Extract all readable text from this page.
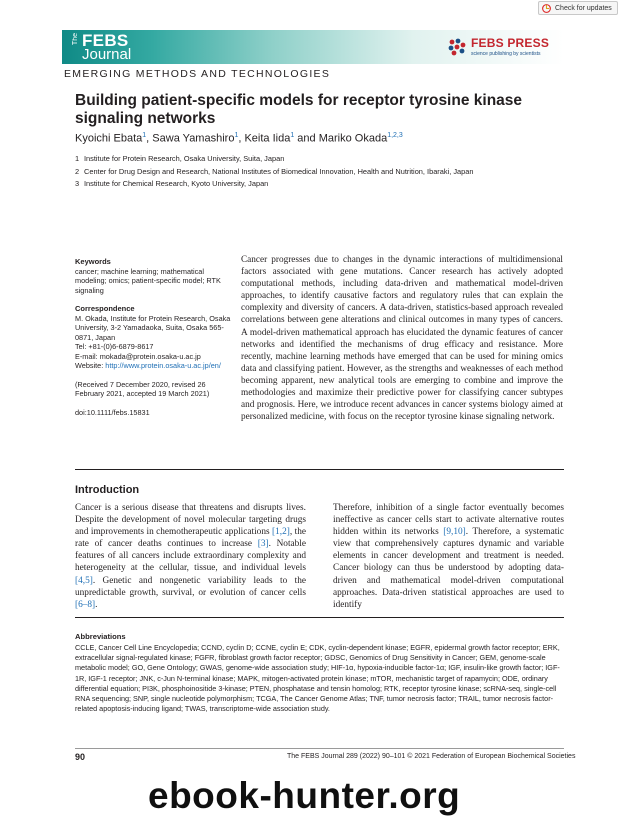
Check for updates
The FEBS
Journal
FEBS PRESS
science publishing by scientists
EMERGING METHODS AND TECHNOLOGIES
Building patient-specific models for receptor tyrosine kinase signaling networks
Kyoichi Ebata$^1$, Sawa Yamashiro$^1$, Keita Iida$^1$ and Mariko Okada$^{1,2,3}$
1 Institute for Protein Research, Osaka University, Suita, Japan
2 Center for Drug Design and Research, National Institutes of Biomedical Innovation, Health and Nutrition, Ibaraki, Japan
3 Institute for Chemical Research, Kyoto University, Japan
Keywords
cancer; machine learning; mathematical modeling; omics; patient-specific model; RTK signaling
Correspondence
M. Okada, Institute for Protein Research, Osaka University, 3-2 Yamadaoka, Suita, Osaka 565-0871, Japan
Tel: +81-(0)6-6879-8617
E-mail: mokada@protein.osaka-u.ac.jp
Website: http://www.protein.osaka-u.ac.jp/en/
(Received 7 December 2020, revised 26 February 2021, accepted 19 March 2021)
doi:10.1111/febs.15831
Cancer progresses due to changes in the dynamic interactions of multidimensional factors associated with gene mutations. Cancer research has actively adopted computational methods, including data-driven and mathematical model-driven approaches, to identify causative factors and regulatory rules that can explain the complexity and diversity of cancers. A data-driven, statistics-based approach revealed correlations between gene alterations and clinical outcomes in many types of cancers. A model-driven mathematical approach has elucidated the dynamic features of cancer networks and identified the mechanisms of drug efficacy and resistance. More recently, machine learning methods have emerged that can be used for mining omics data and classifying patient. However, as the strengths and weaknesses of each method becoming apparent, new analytical tools are emerging to combine and improve the methodologies and maximize their predictive power for classifying cancer subtypes and prognosis. Here, we introduce recent advances in cancer systems biology aimed at personalized medicine, with focus on the receptor tyrosine kinase signaling network.
Introduction
Cancer is a serious disease that threatens and disrupts lives. Despite the development of novel molecular targeting drugs and improvements in chemotherapeutic applications [1,2], the rate of cancer deaths continues to increase [3]. Notable features of all cancers include extraordinary complexity and heterogeneity at the cellular, tissue, and individual levels [4,5]. Genetic and nongenetic variability leads to the unpredictable growth, survival, or evolution of cancer cells [6–8].
Therefore, inhibition of a single factor eventually becomes ineffective as cancer cells start to activate alternative routes hidden within its networks [9,10]. Therefore, a systematic view that comprehensively captures dynamic and variable elements in cancer development and treatment is needed. Cancer biology can thus be understood by adopting data-driven and mathematical model-driven computational approaches. Data-driven statistical approaches are used to identify
Abbreviations
CCLE, Cancer Cell Line Encyclopedia; CCND, cyclin D; CCNE, cyclin E; CDK, cyclin-dependent kinase; EGFR, epidermal growth factor receptor; ERK, extracellular signal-regulated kinase; FGFR, fibroblast growth factor receptor; GDSC, Genomics of Drug Sensitivity in Cancer; GEM, genome-scale metabolic model; GO, Gene Ontology; GWAS, genome-wide association study; HIF-1α, hypoxia-inducible factor-1α; IGF, insulin-like growth factor; IGF-1R, IGF-1 receptor; JNK, c-Jun N-terminal kinase; MAPK, mitogen-activated protein kinase; mTOR, mechanistic target of rapamycin; ODE, ordinary differential equation; PI3K, phosphoinositide 3-kinase; PTEN, phosphatase and tensin homolog; RTK, receptor tyrosine kinase; scRNA-seq, single-cell RNA sequencing; SNP, single nucleotide polymorphism; TCGA, The Cancer Genome Atlas; TNF, tumor necrosis factor; TRAIL, tumor necrosis factor-related apoptosis-inducing ligand; TWAS, transcriptome-wide association study.
90	The FEBS Journal 289 (2022) 90–101 © 2021 Federation of European Biochemical Societies
ebook-hunter.org
